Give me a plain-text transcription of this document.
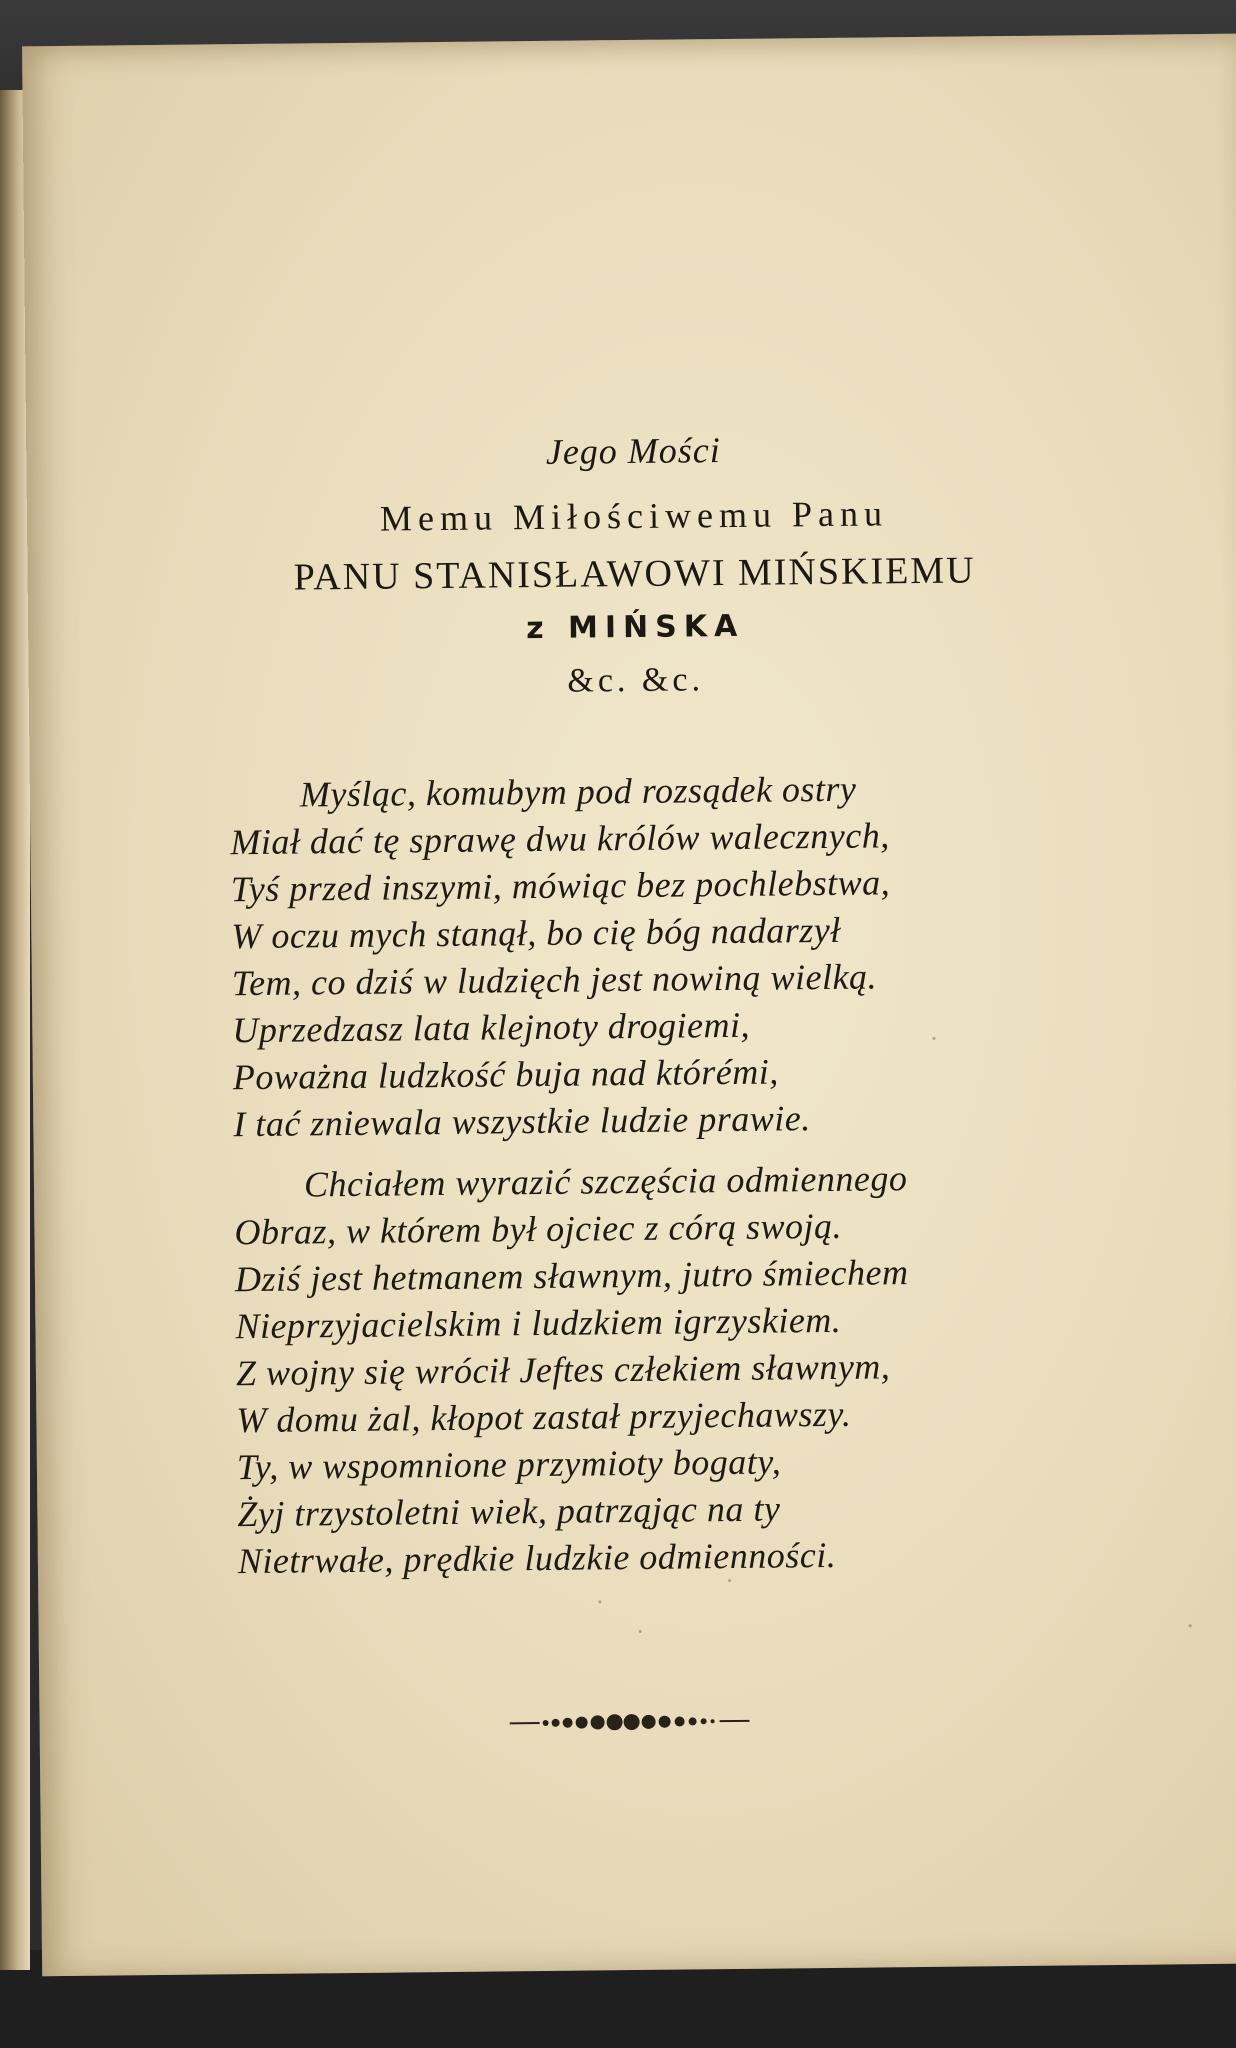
Jego Mości
Memu Miłościwemu Panu
PANU STANISŁAWOWI MIŃSKIEMU
z MIŃSKA
&c. &c.
Myśląc, komubym pod rozsądek ostry
Miał dać tę sprawę dwu królów walecznych,
Tyś przed inszymi, mówiąc bez pochlebstwa,
W oczu mych stanął, bo cię bóg nadarzył
Tem, co dziś w ludzięch jest nowiną wielką.
Uprzedzasz lata klejnoty drogiemi,
Poważna ludzkość buja nad którémi,
I tać zniewala wszystkie ludzie prawie.
Chciałem wyrazić szczęścia odmiennego
Obraz, w którem był ojciec z córą swoją.
Dziś jest hetmanem sławnym, jutro śmiechem
Nieprzyjacielskim i ludzkiem igrzyskiem.
Z wojny się wrócił Jeftes człekiem sławnym,
W domu żal, kłopot zastał przyjechawszy.
Ty, w wspomnione przymioty bogaty,
Żyj trzystoletni wiek, patrząjąc na ty
Nietrwałe, prędkie ludzkie odmienności.
